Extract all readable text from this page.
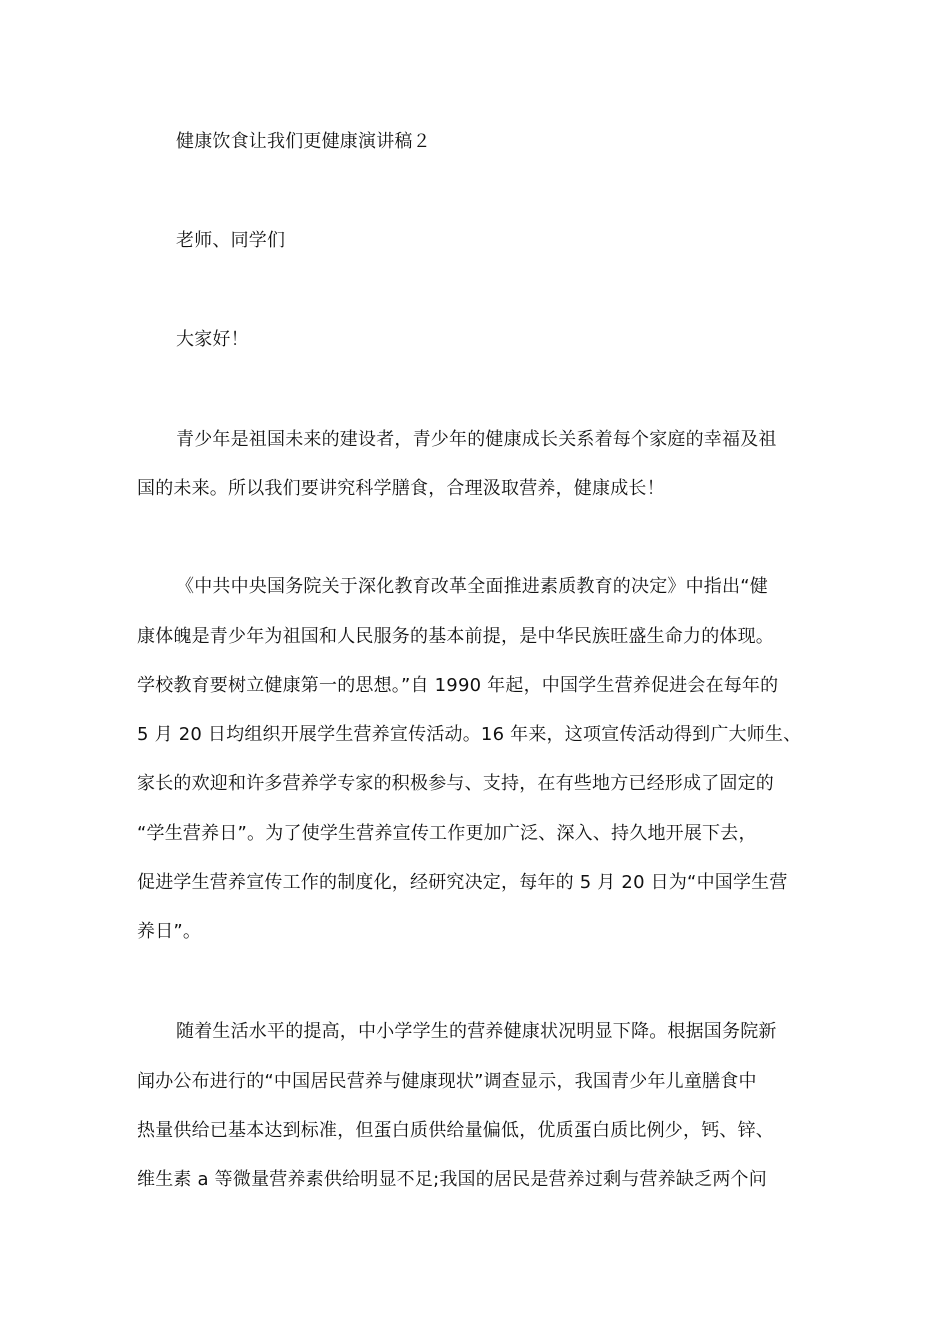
健康饮食让我们更健康演讲稿２
老师、同学们
大家好！
青少年是祖国未来的建设者，青少年的健康成长关系着每个家庭的幸福及祖
国的未来。所以我们要讲究科学膳食，合理汲取营养，健康成长！
《中共中央国务院关于深化教育改革全面推进素质教育的决定》中指出“健
康体魄是青少年为祖国和人民服务的基本前提，是中华民族旺盛生命力的体现。
学校教育要树立健康第一的思想。”自 1990 年起，中国学生营养促进会在每年的
5 月 20 日均组织开展学生营养宣传活动。16 年来，这项宣传活动得到广大师生、
家长的欢迎和许多营养学专家的积极参与、支持，在有些地方已经形成了固定的
“学生营养日”。为了使学生营养宣传工作更加广泛、深入、持久地开展下去，
促进学生营养宣传工作的制度化，经研究决定，每年的 5 月 20 日为“中国学生营
养日”。
随着生活水平的提高，中小学学生的营养健康状况明显下降。根据国务院新
闻办公布进行的“中国居民营养与健康现状”调查显示，我国青少年儿童膳食中
热量供给已基本达到标准，但蛋白质供给量偏低，优质蛋白质比例少，钙、锌、
维生素 a 等微量营养素供给明显不足;我国的居民是营养过剩与营养缺乏两个问
